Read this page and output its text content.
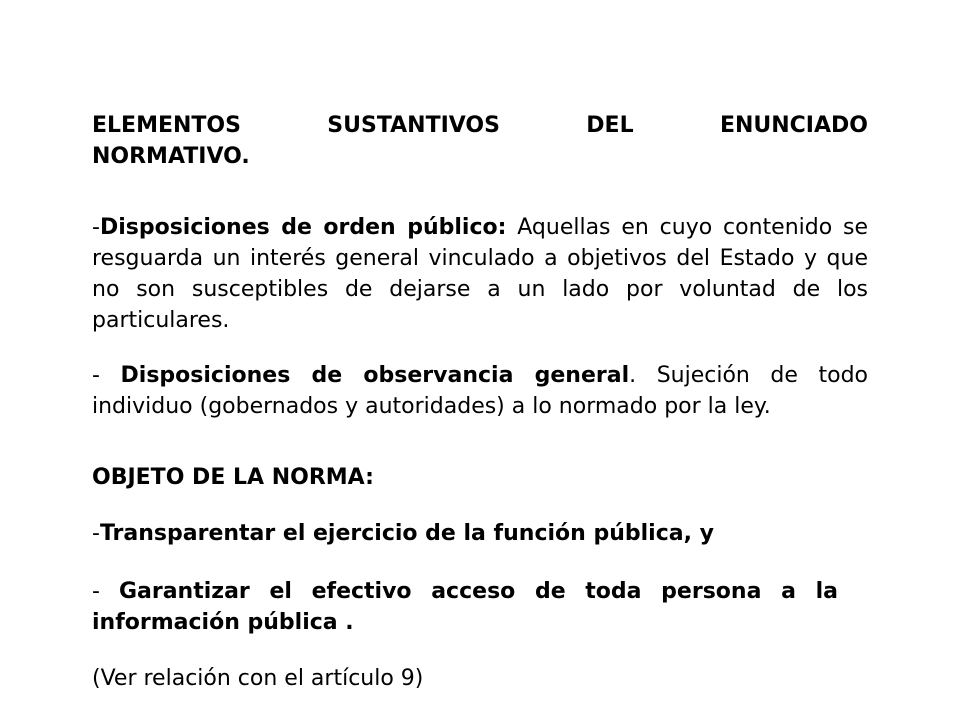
ELEMENTOS	SUSTANTIVOS	DEL	ENUNCIADO
NORMATIVO.
-Disposiciones de orden público: Aquellas en cuyo contenido se resguarda un interés general vinculado a objetivos del Estado y que no son susceptibles de dejarse a un lado por voluntad de los particulares.
- Disposiciones de observancia general. Sujeción de todo individuo (gobernados y autoridades) a lo normado por la ley.
OBJETO DE LA NORMA:
-Transparentar el ejercicio de la función pública, y
- Garantizar el efectivo acceso de toda persona a la información pública .
(Ver relación con el artículo 9)
